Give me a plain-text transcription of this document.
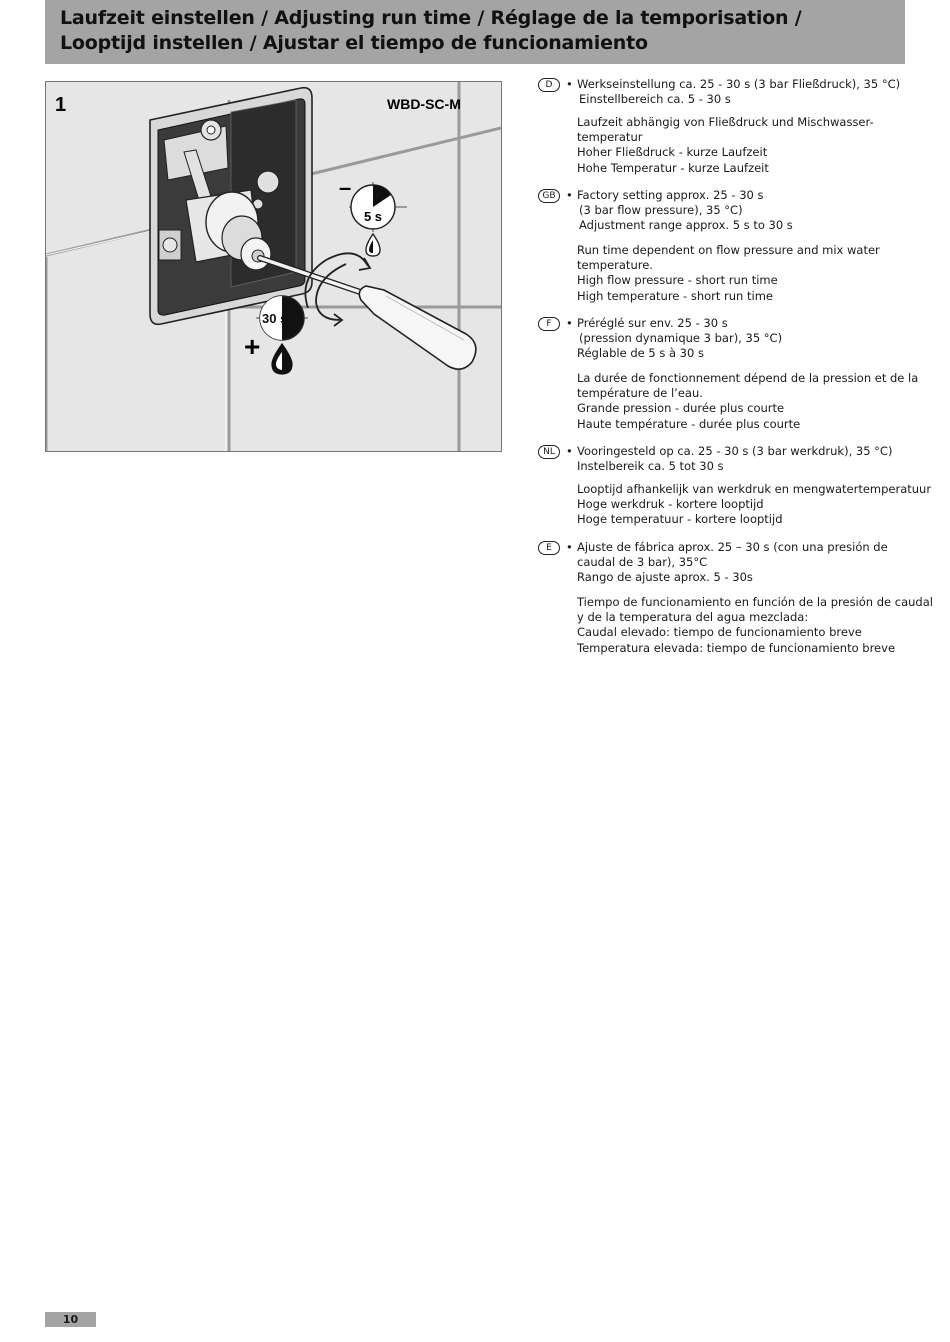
Laufzeit einstellen / Adjusting run time / Réglage de la temporisation /
Looptijd instellen / Ajustar el tiempo de funcionamiento
–
5 s
30 s
+
1	WBD-SC-M
D	• Werkseinstellung ca. 25 - 30 s (3 bar Fließdruck), 35 °C)
Einstellbereich ca. 5 - 30 s
Laufzeit abhängig von Fließdruck und Mischwasser-
temperatur
Hoher Fließdruck - kurze Laufzeit
Hohe Temperatur - kurze Laufzeit
GB • Factory setting approx. 25 - 30 s
(3 bar flow pressure), 35 °C)
Adjustment range approx. 5 s to 30 s
Run time dependent on flow pressure and mix water
temperature.
High flow pressure - short run time
High temperature - short run time
F	• Préréglé sur env. 25 - 30 s
(pression dynamique 3 bar), 35 °C)
Réglable de 5 s à 30 s
La durée de fonctionnement dépend de la pression et de la
température de l’eau.
Grande pression - durée plus courte
Haute température - durée plus courte
NL • Vooringesteld op ca. 25 - 30 s (3 bar werkdruk), 35 °C)
Instelbereik ca. 5 tot 30 s
Looptijd afhankelijk van werkdruk en mengwatertemperatuur
Hoge werkdruk - kortere looptijd
Hoge temperatuur - kortere looptijd
E	• Ajuste de fábrica aprox. 25 – 30 s (con una presión de
caudal de 3 bar), 35°C
Rango de ajuste aprox. 5 - 30s
Tiempo de funcionamiento en función de la presión de caudal
y de la temperatura del agua mezclada:
Caudal elevado: tiempo de funcionamiento breve
Temperatura elevada: tiempo de funcionamiento breve
10
